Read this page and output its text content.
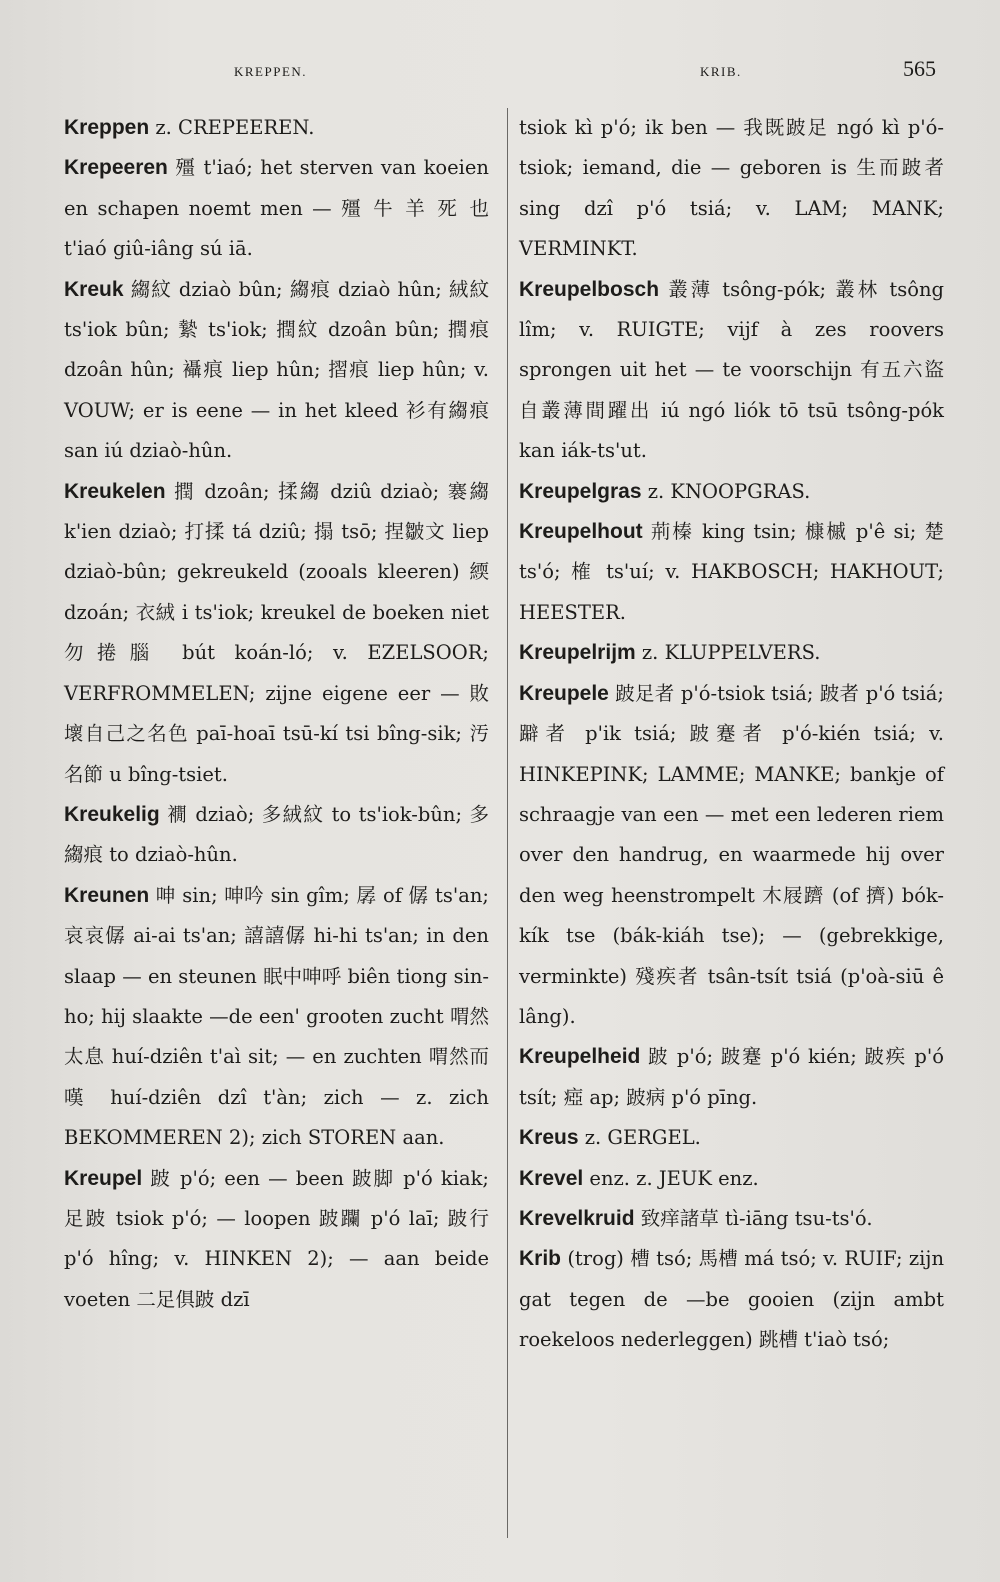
KREPPEN.	KRIB.	565

Kreppen z. CREPEEREN.

Krepeeren 殭 t'iaó; het sterven van koeien en schapen noemt men — 殭 牛 羊 死 也 t'iaó giû-iâng sú iā.

Kreuk 縐紋 dziaò bûn; 縐痕 dziaò hûn; 絨紋 ts'iok bûn; 縶 ts'iok; 撋紋 dzoân bûn; 撋痕 dzoân hûn; 襵痕 liep hûn; 摺痕 liep hûn; v. VOUW; er is eene — in het kleed 衫有縐痕 san iú dziaò-hûn.

Kreukelen 撋 dzoân; 揉縐 dziû dziaò; 褰縐 k'ien dziaò; 打揉 tá dziû; 搨 tsō; 捏皺文 liep dziaò-bûn; gekreukeld (zooals kleeren) 緛 dzoán; 衣絨 i ts'iok; kreukel de boeken niet 勿捲腦 bút koán-ló; v. EZELSOOR; VERFROMMELEN; zijne eigene eer — 敗壞自己之名色 paī-hoaī tsū-kí tsi bîng-sik; 汚名節 u bîng-tsiet.

Kreukelig 襉 dziaò; 多絨紋 to ts'iok-bûn; 多縐痕 to dziaò-hûn.

Kreunen 呻 sin; 呻吟 sin gîm; 孱 of 僝 ts'an; 哀哀僝 ai-ai ts'an; 譆譆僝 hi-hi ts'an; in den slaap — en steunen 眠中呻呼 biên tiong sin-ho; hij slaakte —de een' grooten zucht 喟然太息 huí-dziên t'aì sit; — en zuchten 喟然而嘆 huí-dziên dzî t'àn; zich — z. zich BEKOMMEREN 2); zich STOREN aan.

Kreupel 跛 p'ó; een — been 跛脚 p'ó kiak; 足跛 tsiok p'ó; — loopen 跛躝 p'ó laī; 跛行 p'ó hîng; v. HINKEN 2); — aan beide voeten 二足俱跛 dzī

tsiok kì p'ó; ik ben — 我既跛足 ngó kì p'ó-tsiok; iemand, die — geboren is 生而跛者 sing dzî p'ó tsiá; v. LAM; MANK; VERMINKT.

Kreupelbosch 叢薄 tsông-pók; 叢林 tsông lîm; v. RUIGTE; vijf à zes roovers sprongen uit het — te voorschijn 有五六盜自叢薄間躍出 iú ngó liók tō tsū tsông-pók kan iák-ts'ut.

Kreupelgras z. KNOOPGRAS.

Kreupelhout 荊榛 king tsin; 槺槭 p'ê si; 楚 ts'ó; 榷 ts'uí; v. HAKBOSCH; HAKHOUT; HEESTER.

Kreupelrijm z. KLUPPELVERS.

Kreupele 跛足者 p'ó-tsiok tsiá; 跛者 p'ó tsiá; 躃者 p'ik tsiá; 跛蹇者 p'ó-kién tsiá; v. HINKEPINK; LAMME; MANKE; bankje of schraagje van een — met een lederen riem over den handrug, en waarmede hij over den weg heenstrompelt 木屐躋 (of 擠) bók-kík tse (bák-kiáh tse); — (gebrekkige, verminkte) 殘疾者 tsân-tsít tsiá (p'oà-siū ê lâng).

Kreupelheid 跛 p'ó; 跛蹇 p'ó kién; 跛疾 p'ó tsít; 瘂 ap; 跛病 p'ó pīng.

Kreus z. GERGEL.

Krevel enz. z. JEUK enz.

Krevelkruid 致痒諸草 tì-iāng tsu-ts'ó.

Krib (trog) 槽 tsó; 馬槽 má tsó; v. RUIF; zijn gat tegen de —be gooien (zijn ambt roekeloos nederleggen) 跳槽 t'iaò tsó;
